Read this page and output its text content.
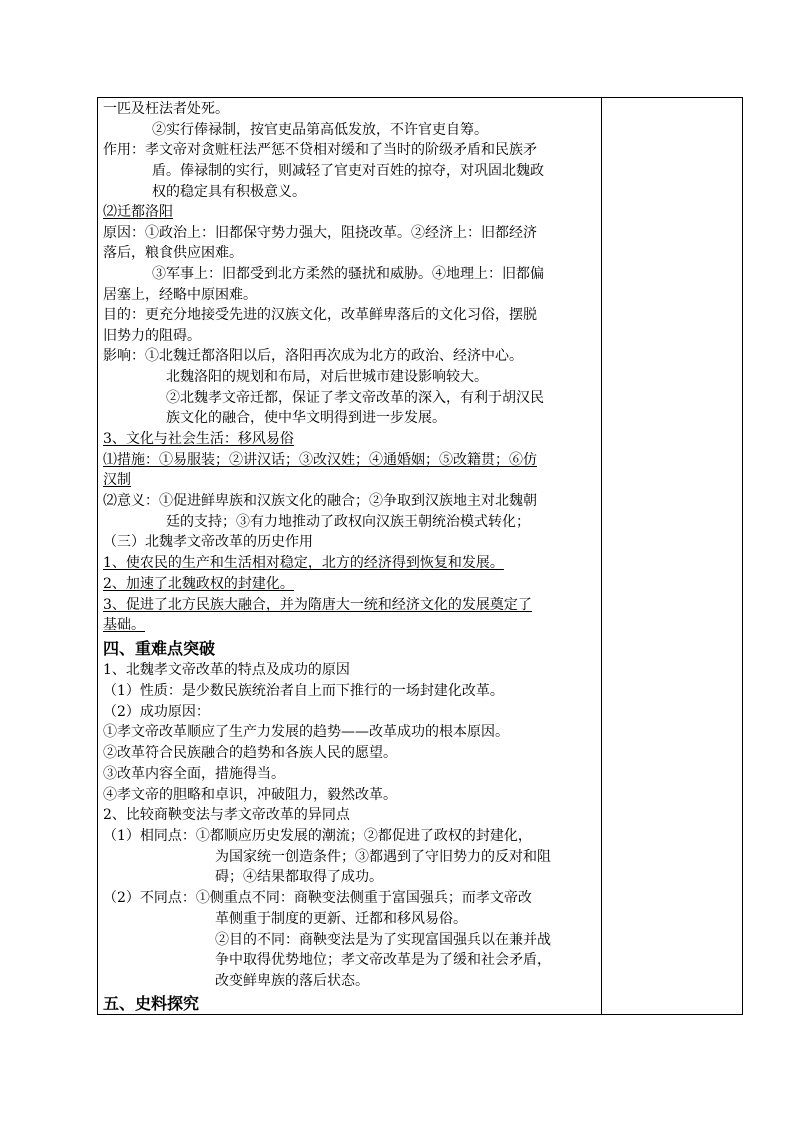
一匹及枉法者处死。
②实行俸禄制，按官吏品第高低发放，不许官吏自筹。
作用：孝文帝对贪赃枉法严惩不贷相对缓和了当时的阶级矛盾和民族矛
盾。俸禄制的实行，则减轻了官吏对百姓的掠夺，对巩固北魏政
权的稳定具有积极意义。
⑵迁都洛阳
原因：①政治上：旧都保守势力强大，阻挠改革。②经济上：旧都经济
落后，粮食供应困难。
③军事上：旧都受到北方柔然的骚扰和威胁。④地理上：旧都偏
居塞上，经略中原困难。
目的：更充分地接受先进的汉族文化，改革鲜卑落后的文化习俗，摆脱
旧势力的阻碍。
影响：①北魏迁都洛阳以后，洛阳再次成为北方的政治、经济中心。
北魏洛阳的规划和布局，对后世城市建设影响较大。
②北魏孝文帝迁都，保证了孝文帝改革的深入，有利于胡汉民
族文化的融合，使中华文明得到进一步发展。
3、文化与社会生活：移风易俗
⑴措施：①易服装；②讲汉话；③改汉姓；④通婚姻；⑤改籍贯；⑥仿
汉制
⑵意义：①促进鲜卑族和汉族文化的融合；②争取到汉族地主对北魏朝
廷的支持；③有力地推动了政权向汉族王朝统治模式转化；
（三）北魏孝文帝改革的历史作用
1、使农民的生产和生活相对稳定，北方的经济得到恢复和发展。
2、加速了北魏政权的封建化。
3、促进了北方民族大融合，并为隋唐大一统和经济文化的发展奠定了
基础。
四、重难点突破
1、北魏孝文帝改革的特点及成功的原因
（1）性质：是少数民族统治者自上而下推行的一场封建化改革。
（2）成功原因：
①孝文帝改革顺应了生产力发展的趋势——改革成功的根本原因。
②改革符合民族融合的趋势和各族人民的愿望。
③改革内容全面，措施得当。
④孝文帝的胆略和卓识，冲破阻力，毅然改革。
2、比较商鞅变法与孝文帝改革的异同点
（1）相同点：①都顺应历史发展的潮流；②都促进了政权的封建化，
为国家统一创造条件；③都遇到了守旧势力的反对和阻
碍；④结果都取得了成功。
（2）不同点：①侧重点不同：商鞅变法侧重于富国强兵；而孝文帝改
革侧重于制度的更新、迁都和移风易俗。
②目的不同：商鞅变法是为了实现富国强兵以在兼并战
争中取得优势地位；孝文帝改革是为了缓和社会矛盾，
改变鲜卑族的落后状态。
五、史料探究
